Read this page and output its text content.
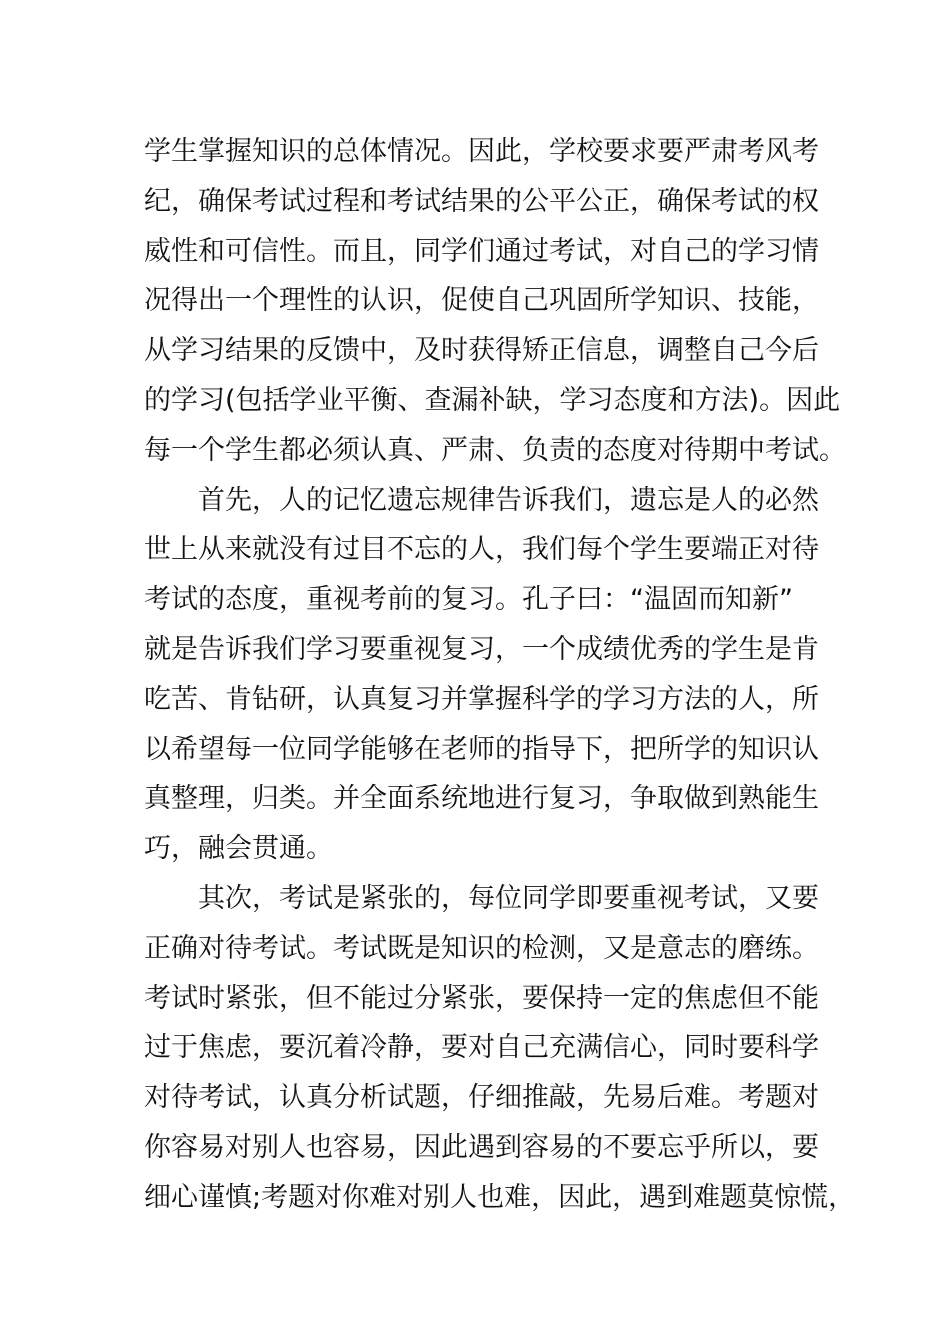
学生掌握知识的总体情况。因此，学校要求要严肃考风考
纪，确保考试过程和考试结果的公平公正，确保考试的权
威性和可信性。而且，同学们通过考试，对自己的学习情
况得出一个理性的认识，促使自己巩固所学知识、技能，
从学习结果的反馈中，及时获得矫正信息，调整自己今后
的学习(包括学业平衡、查漏补缺，学习态度和方法)。因此
每一个学生都必须认真、严肃、负责的态度对待期中考试。
首先，人的记忆遗忘规律告诉我们，遗忘是人的必然
世上从来就没有过目不忘的人，我们每个学生要端正对待
考试的态度，重视考前的复习。孔子曰：“温固而知新”
就是告诉我们学习要重视复习，一个成绩优秀的学生是肯
吃苦、肯钻研，认真复习并掌握科学的学习方法的人，所
以希望每一位同学能够在老师的指导下，把所学的知识认
真整理，归类。并全面系统地进行复习，争取做到熟能生
巧，融会贯通。
其次，考试是紧张的，每位同学即要重视考试，又要
正确对待考试。考试既是知识的检测，又是意志的磨练。
考试时紧张，但不能过分紧张，要保持一定的焦虑但不能
过于焦虑，要沉着冷静，要对自己充满信心，同时要科学
对待考试，认真分析试题，仔细推敲，先易后难。考题对
你容易对别人也容易，因此遇到容易的不要忘乎所以，要
细心谨慎;考题对你难对别人也难，因此，遇到难题莫惊慌，
